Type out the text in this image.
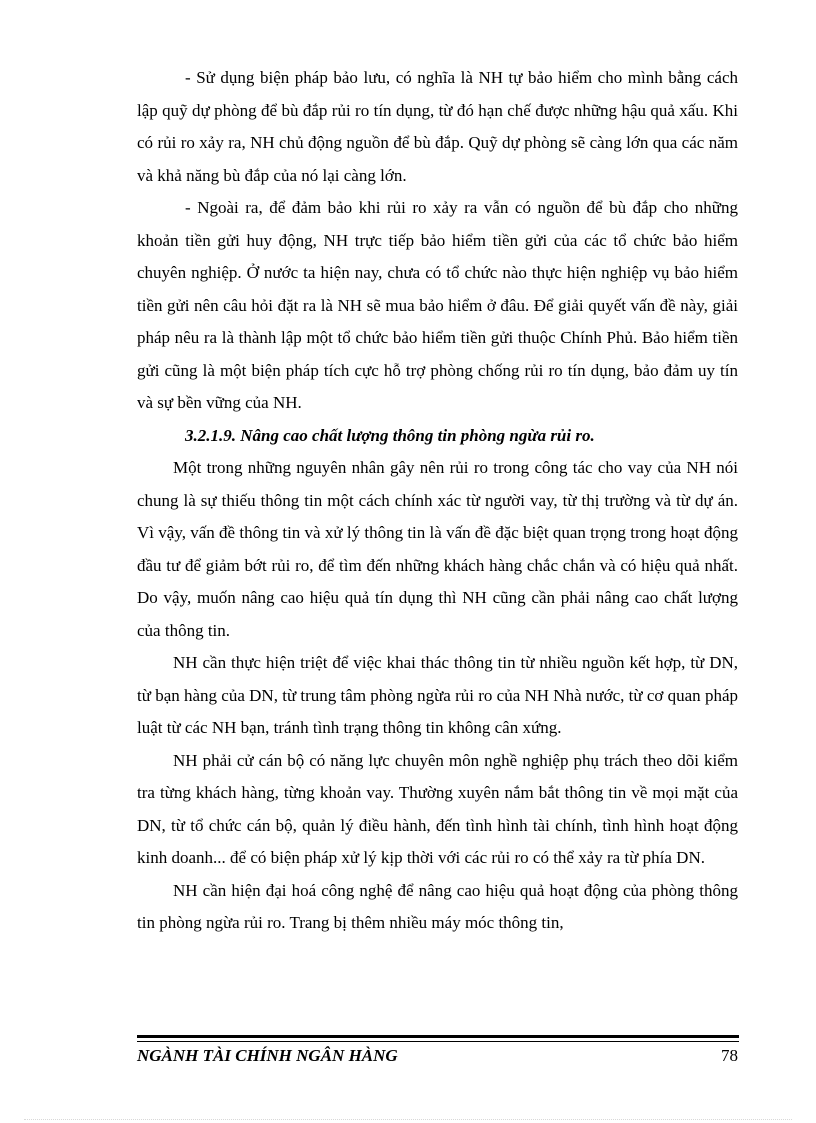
- Sử dụng biện pháp bảo lưu, có nghĩa là NH tự bảo hiểm cho mình bằng cách lập quỹ dự phòng để bù đắp rủi ro tín dụng, từ đó hạn chế được những hậu quả xấu. Khi có rủi ro xảy ra, NH chủ động nguồn để bù đắp. Quỹ dự phòng sẽ càng lớn qua các năm và khả năng bù đắp của nó lại càng lớn.

- Ngoài ra, để đảm bảo khi rủi ro xảy ra vẫn có nguồn để bù đắp cho những khoản tiền gửi huy động, NH trực tiếp bảo hiểm tiền gửi của các tổ chức bảo hiểm chuyên nghiệp. Ở nước ta hiện nay, chưa có tổ chức nào thực hiện nghiệp vụ bảo hiểm tiền gửi nên câu hỏi đặt ra là NH sẽ mua bảo hiểm ở đâu. Để giải quyết vấn đề này, giải pháp nêu ra là thành lập một tổ chức bảo hiểm tiền gửi thuộc Chính Phủ. Bảo hiểm tiền gửi cũng là một biện pháp tích cực hỗ trợ phòng chống rủi ro tín dụng, bảo đảm uy tín và sự bền vững của NH.

3.2.1.9. Nâng cao chất lượng thông tin phòng ngừa rủi ro.

Một trong những nguyên nhân gây nên rủi ro trong công tác cho vay của NH nói chung là sự thiếu thông tin một cách chính xác từ người vay, từ thị trường và từ dự án. Vì vậy, vấn đề thông tin và xử lý thông tin là vấn đề đặc biệt quan trọng trong hoạt động đầu tư để giảm bớt rủi ro, để tìm đến những khách hàng chắc chắn và có hiệu quả nhất. Do vậy, muốn nâng cao hiệu quả tín dụng thì NH cũng cần phải nâng cao chất lượng của thông tin.

NH cần thực hiện triệt để việc khai thác thông tin từ nhiều nguồn kết hợp, từ DN, từ bạn hàng của DN, từ trung tâm phòng ngừa rủi ro của NH Nhà nước, từ cơ quan pháp luật từ các NH bạn, tránh tình trạng thông tin không cân xứng.

NH phải cử cán bộ có năng lực chuyên môn nghề nghiệp phụ trách theo dõi kiểm tra từng khách hàng, từng khoản vay. Thường xuyên nắm bắt thông tin về mọi mặt của DN, từ tổ chức cán bộ, quản lý điều hành, đến tình hình tài chính, tình hình hoạt động kinh doanh... để có biện pháp xử lý kịp thời với các rủi ro có thể xảy ra từ phía DN.

NH cần hiện đại hoá công nghệ để nâng cao hiệu quả hoạt động của phòng thông tin phòng ngừa rủi ro. Trang bị thêm nhiều máy móc thông tin,

NGÀNH TÀI CHÍNH NGÂN HÀNG	78
